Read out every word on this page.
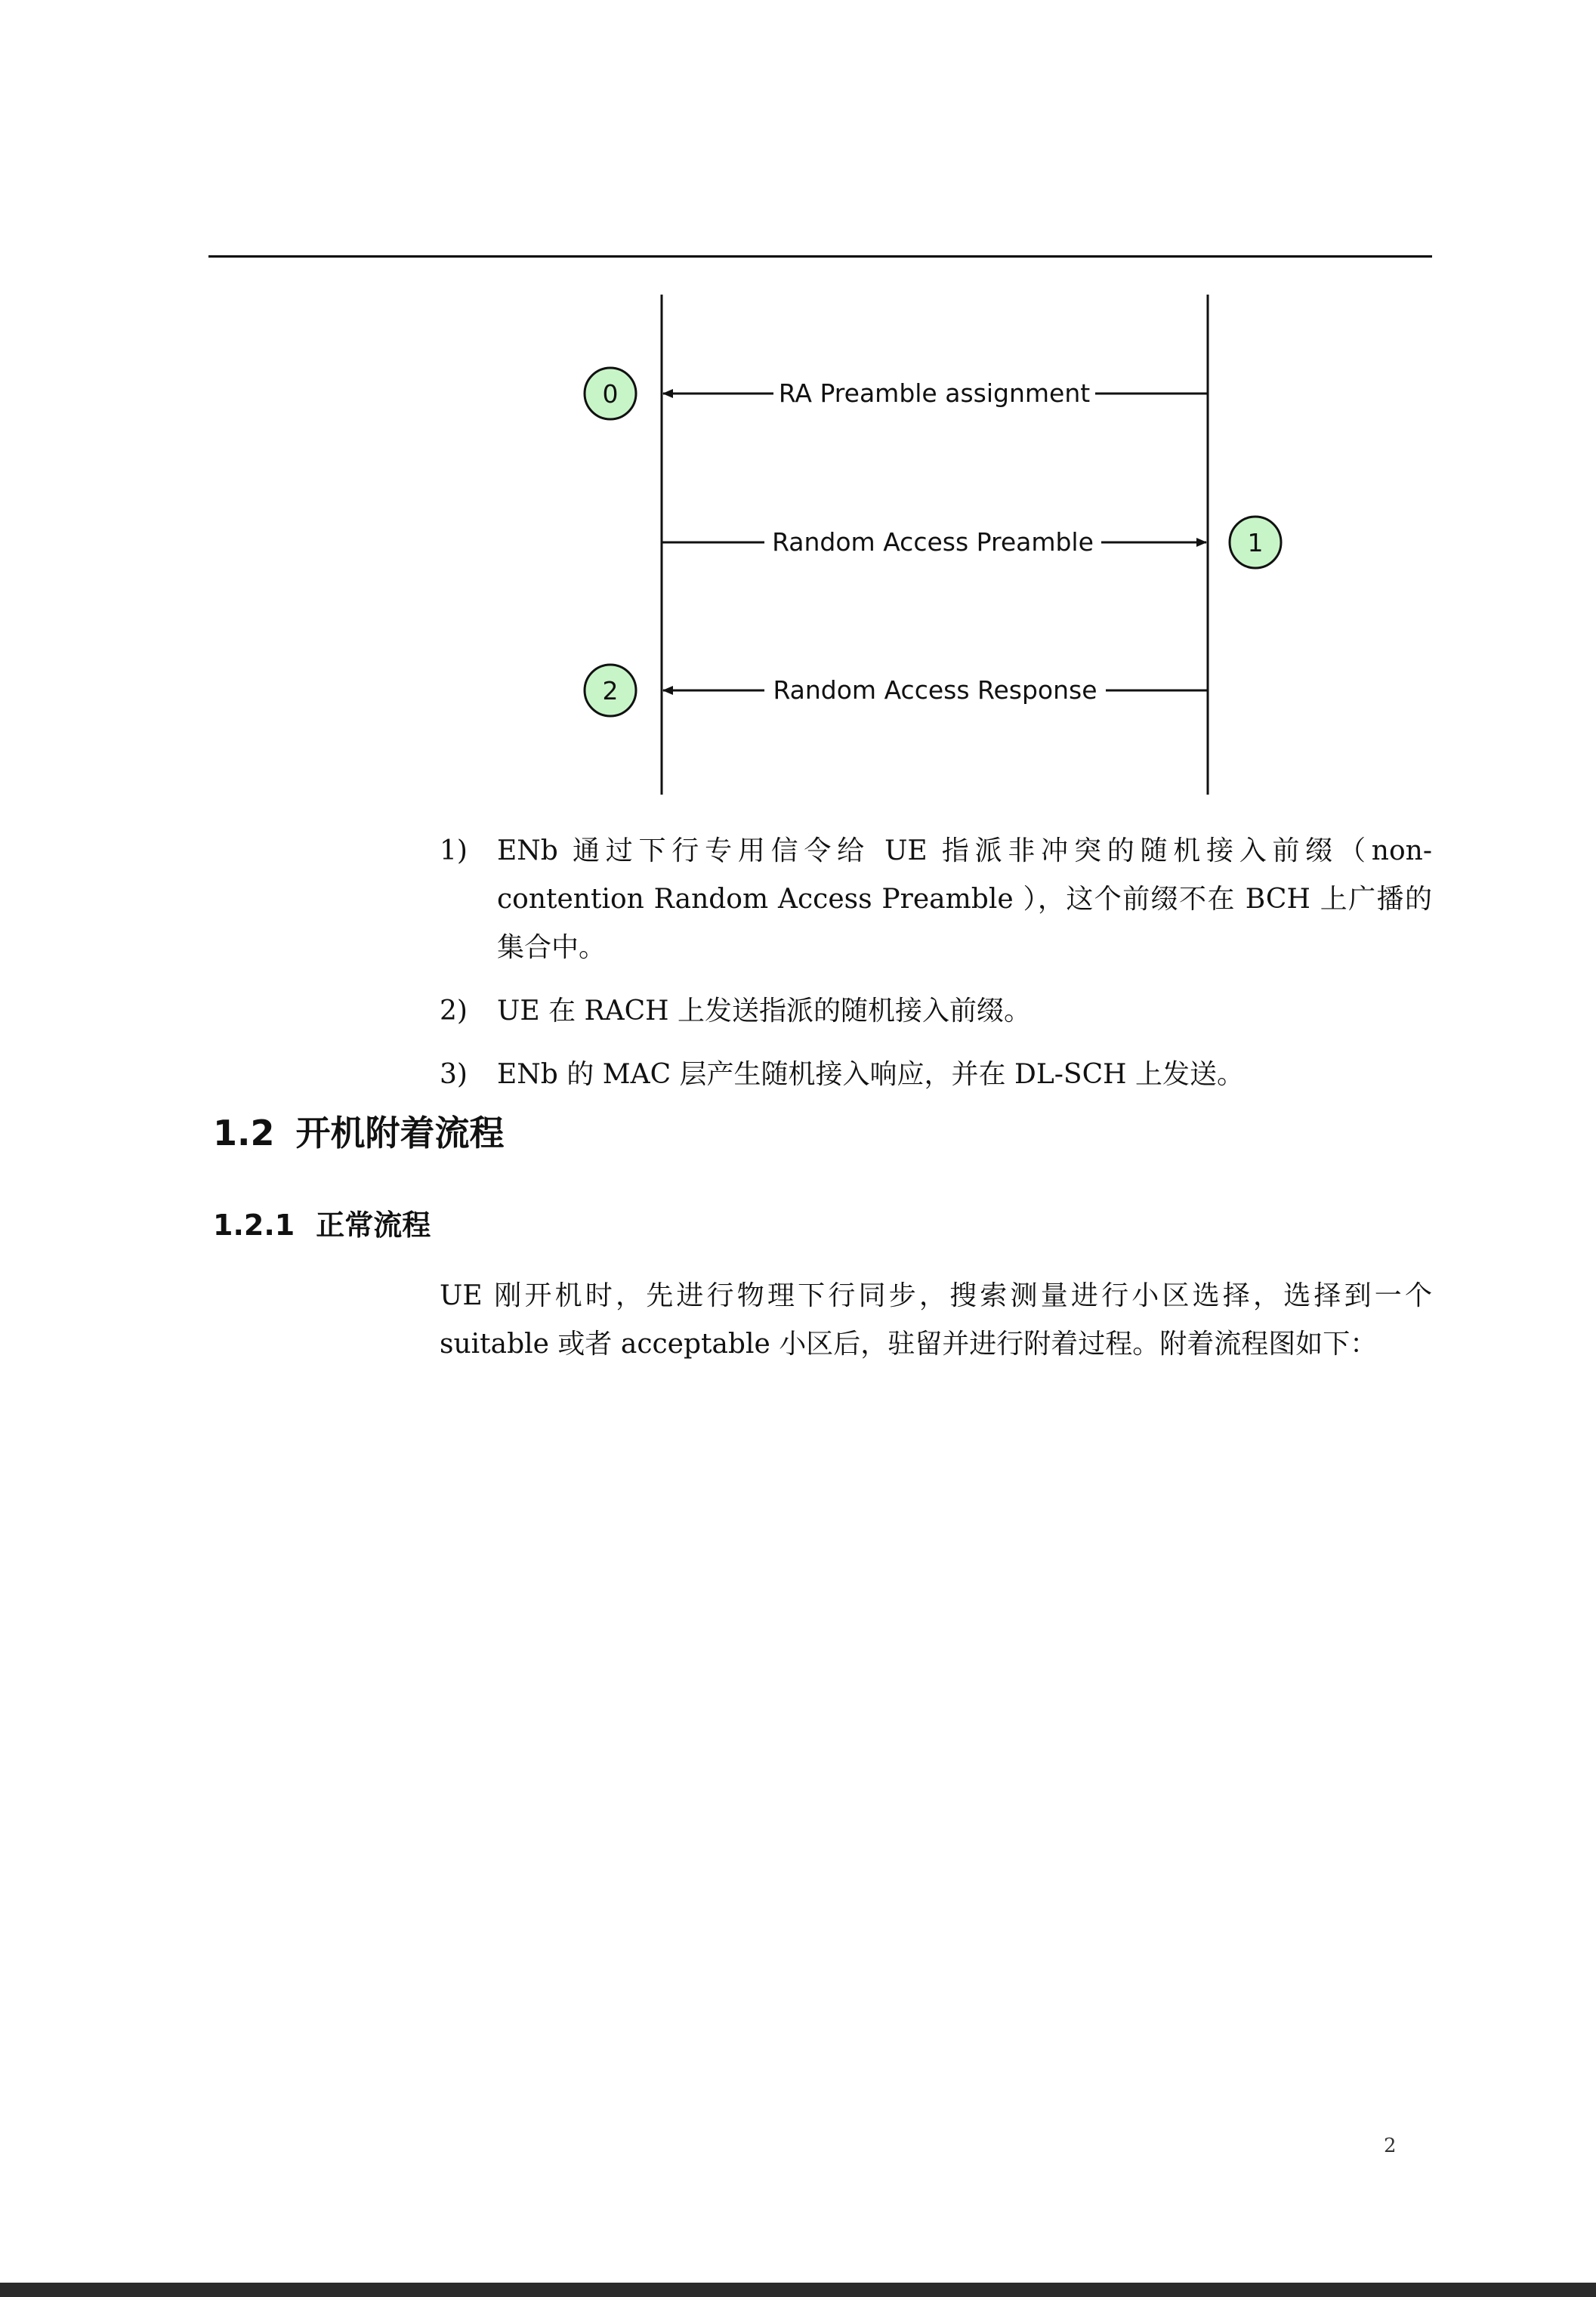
RA Preamble assignment
0
Random Access Preamble	1
Random Access Response
2
1) ENb 通过下行专用信令给 UE 指派非冲突的随机接入前缀（non-contention Random Access Preamble ），这个前缀不在 BCH 上广播的集合中。
2) UE 在 RACH 上发送指派的随机接入前缀。
3) ENb 的 MAC 层产生随机接入响应，并在 DL-SCH 上发送。
1.2 开机附着流程
1.2.1 正常流程

UE 刚开机时，先进行物理下行同步，搜索测量进行小区选择，选择到一个 suitable 或者 acceptable 小区后，驻留并进行附着过程。附着流程图如下：

2
